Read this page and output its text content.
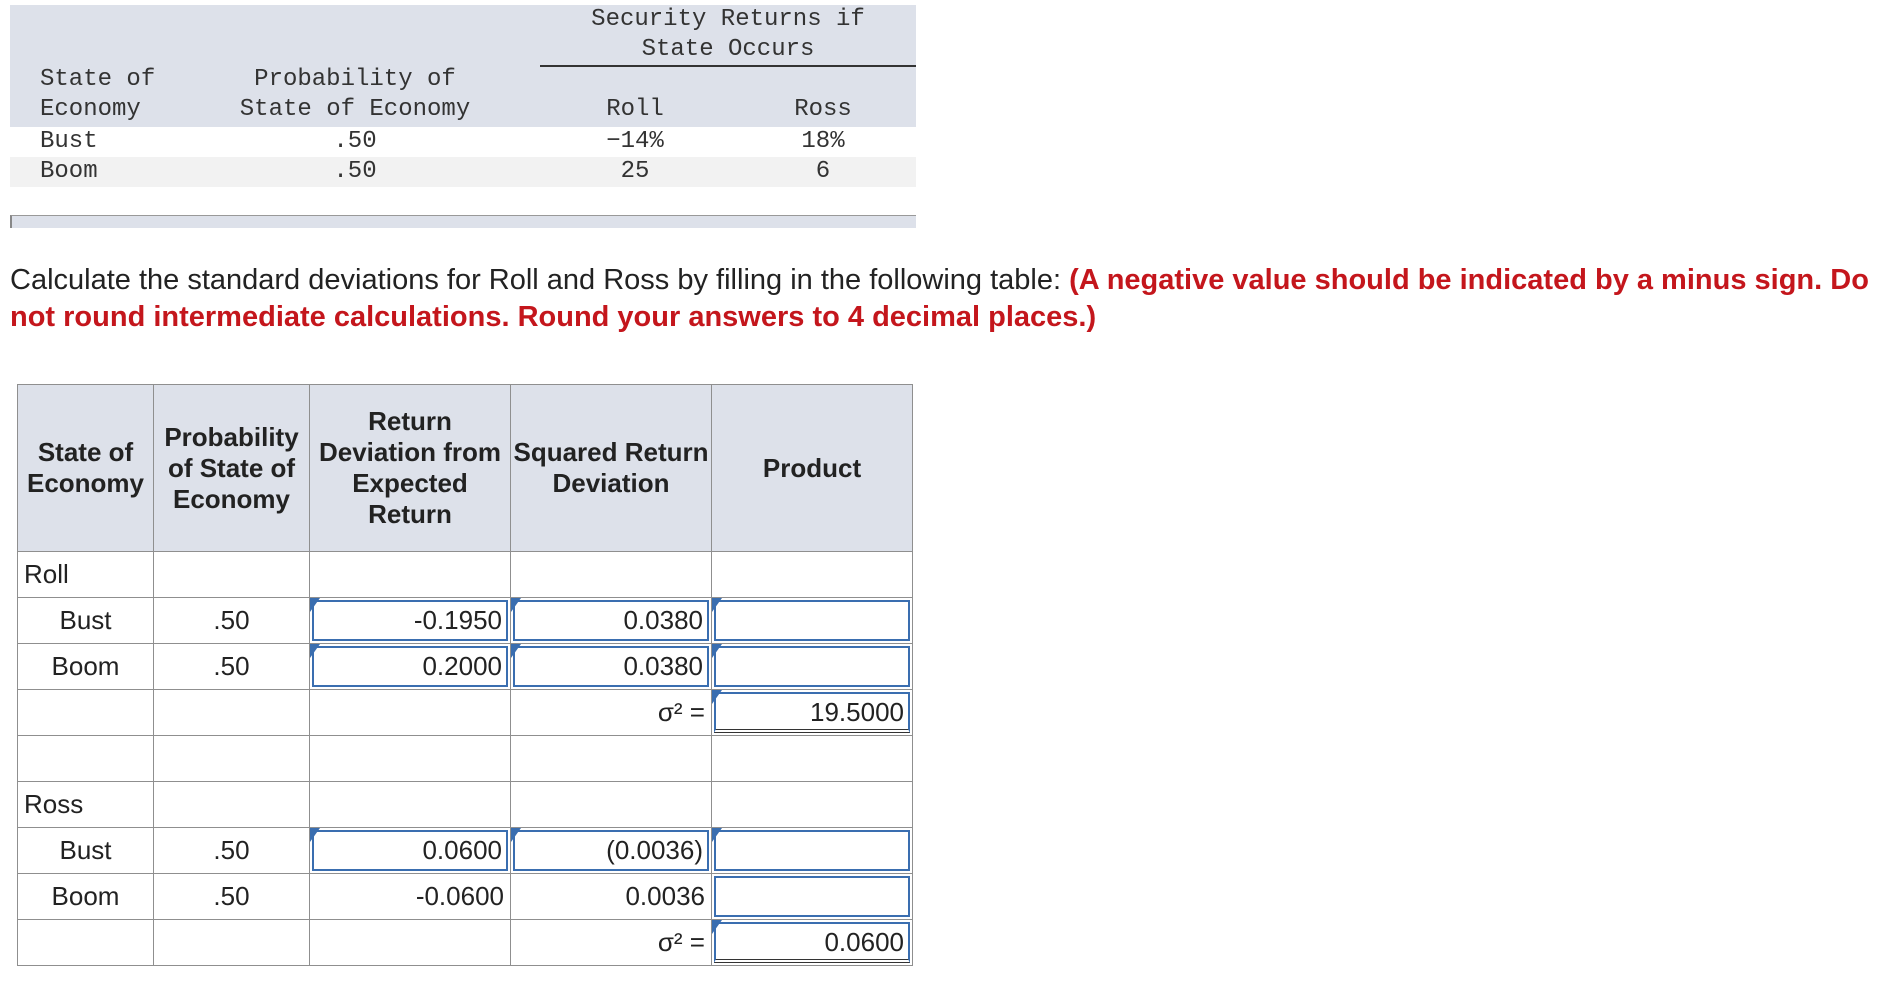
Security Returns if
State Occurs
State of
Economy
Probability of
State of Economy	Roll	Ross
Bust	.50	−14%	18%
Boom	.50	25	6
Calculate the standard deviations for Roll and Ross by filling in the following table: (A negative value should be indicated by a minus sign. Do not round intermediate calculations. Round your answers to 4 decimal places.)
State of Economy	Probability of State of Economy	Return Deviation from Expected Return	Squared Return Deviation	Product
Roll				
Bust	.50	-0.1950	0.0380	

Boom	.50	0.2000	0.0380	

			σ² =	19.5000

Ross				
Bust	.50	0.0600	(0.0036)	

Boom	.50	-0.0600	0.0036	

			σ² =	0.0600
